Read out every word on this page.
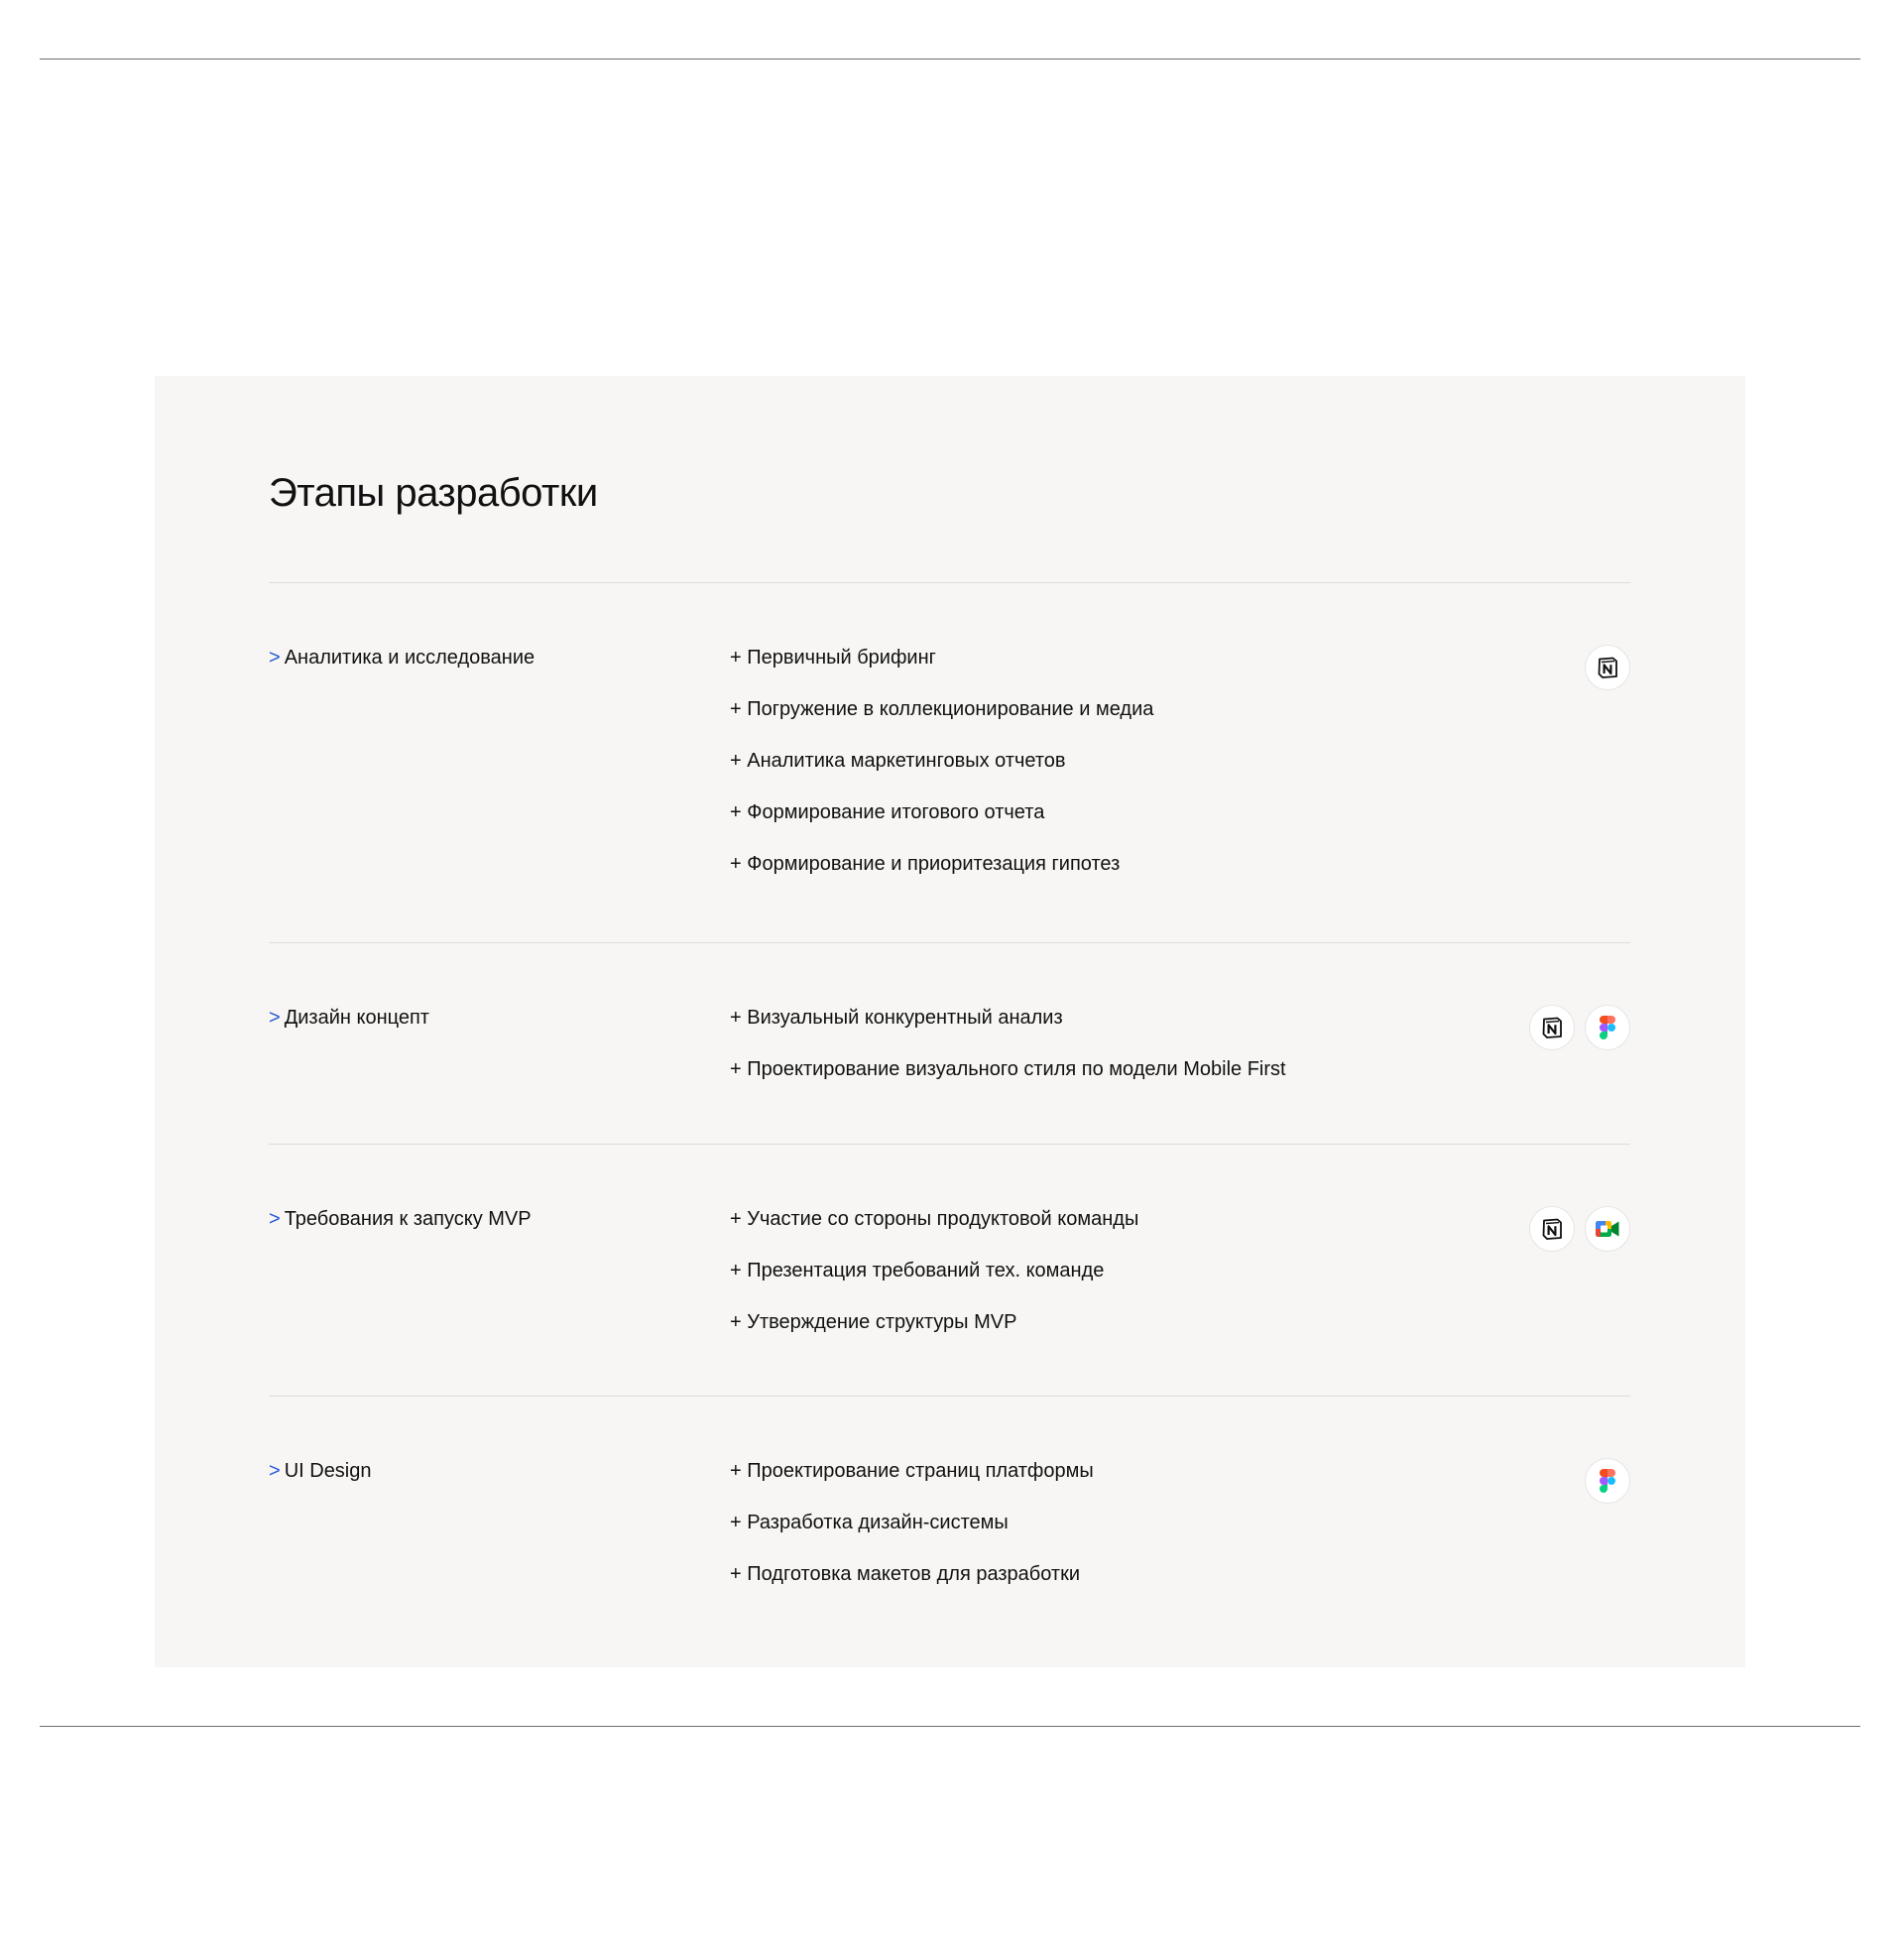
Этапы разработки
> Аналитика и исследование	+ Первичный брифинг
+ Погружение в коллекционирование и медиа
+ Аналитика маркетинговых отчетов
+ Формирование итогового отчета
+ Формирование и приоритезация гипотез
> Дизайн концепт	+ Визуальный конкурентный анализ
+ Проектирование визуального стиля по модели Mobile First
> Требования к запуску MVP	+ Участие со стороны продуктовой команды
+ Презентация требований тех. команде
+ Утверждение структуры MVP
> UI Design	+ Проектирование страниц платформы
+ Разработка дизайн-системы
+ Подготовка макетов для разработки
